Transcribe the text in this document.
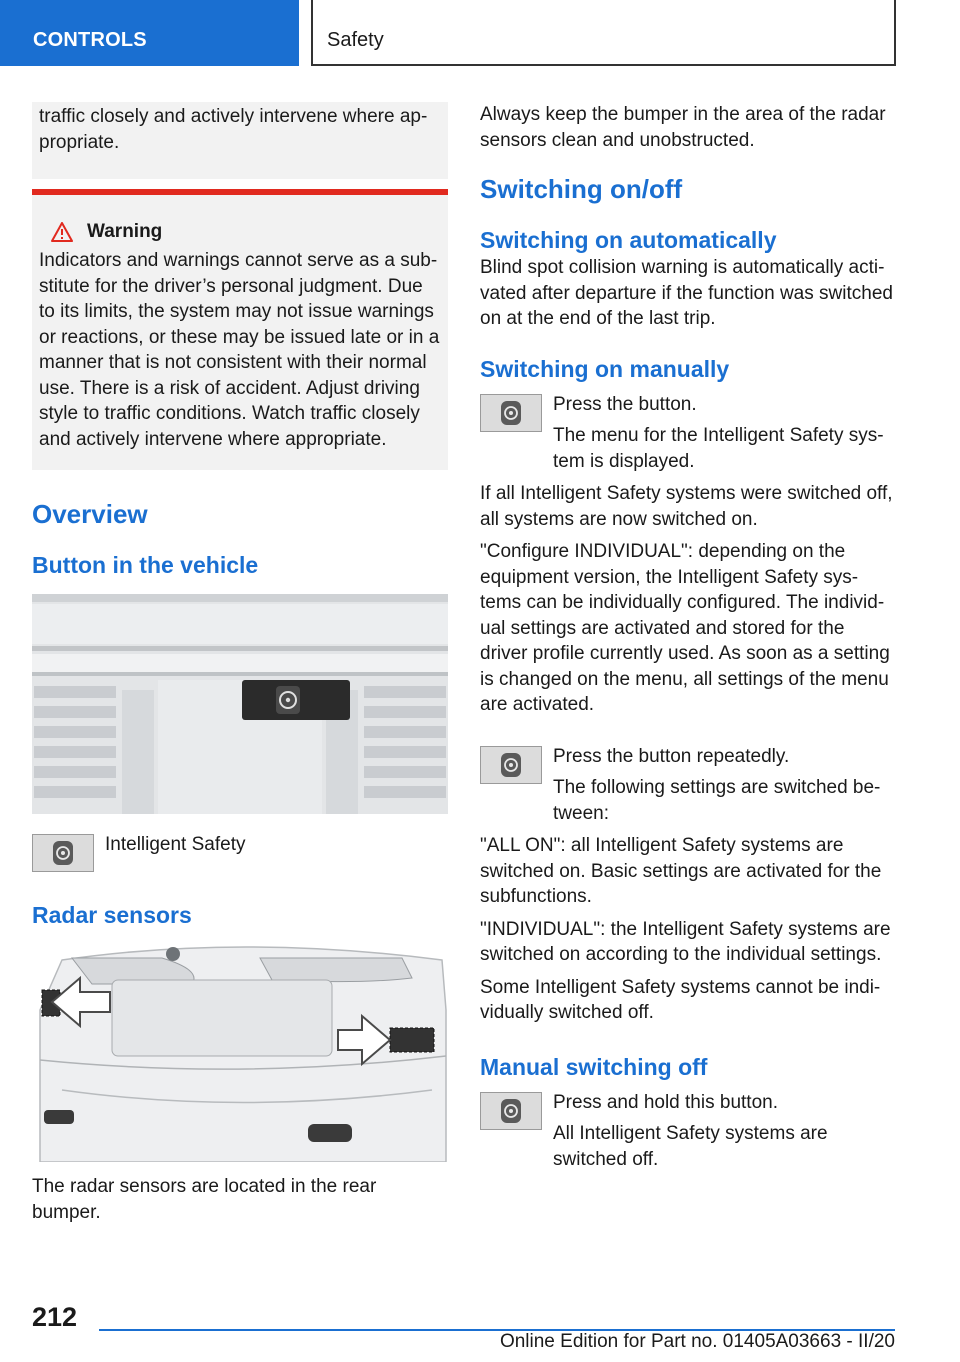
CONTROLS	Safety

traffic closely and actively intervene where ap‐ propriate.

Warning

Indicators and warnings cannot serve as a sub‐ stitute for the driver’s personal judgment. Due to its limits, the system may not issue warnings or reactions, or these may be issued late or in a manner that is not consistent with their normal use. There is a risk of accident. Adjust driving style to traffic conditions. Watch traffic closely and actively intervene where appropriate.

Overview
Button in the vehicle

Intelligent Safety

Radar sensors

The radar sensors are located in the rear bumper.

Always keep the bumper in the area of the radar sensors clean and unobstructed.

Switching on/off
Switching on automatically

Blind spot collision warning is automatically acti‐ vated after departure if the function was switched on at the end of the last trip.

Switching on manually

Press the button.

The menu for the Intelligent Safety sys‐ tem is displayed.

If all Intelligent Safety systems were switched off, all systems are now switched on.

"Configure INDIVIDUAL": depending on the equipment version, the Intelligent Safety sys‐ tems can be individually configured. The individ‐ ual settings are activated and stored for the driver profile currently used. As soon as a setting is changed on the menu, all settings of the menu are activated.

Press the button repeatedly.

The following settings are switched be‐ tween:

"ALL ON": all Intelligent Safety systems are switched on. Basic settings are activated for the subfunctions.

"INDIVIDUAL": the Intelligent Safety systems are switched on according to the individual settings.

Some Intelligent Safety systems cannot be indi‐ vidually switched off.

Manual switching off

Press and hold this button.

All Intelligent Safety systems are switched off.

212
Online Edition for Part no. 01405A03663 - II/20
